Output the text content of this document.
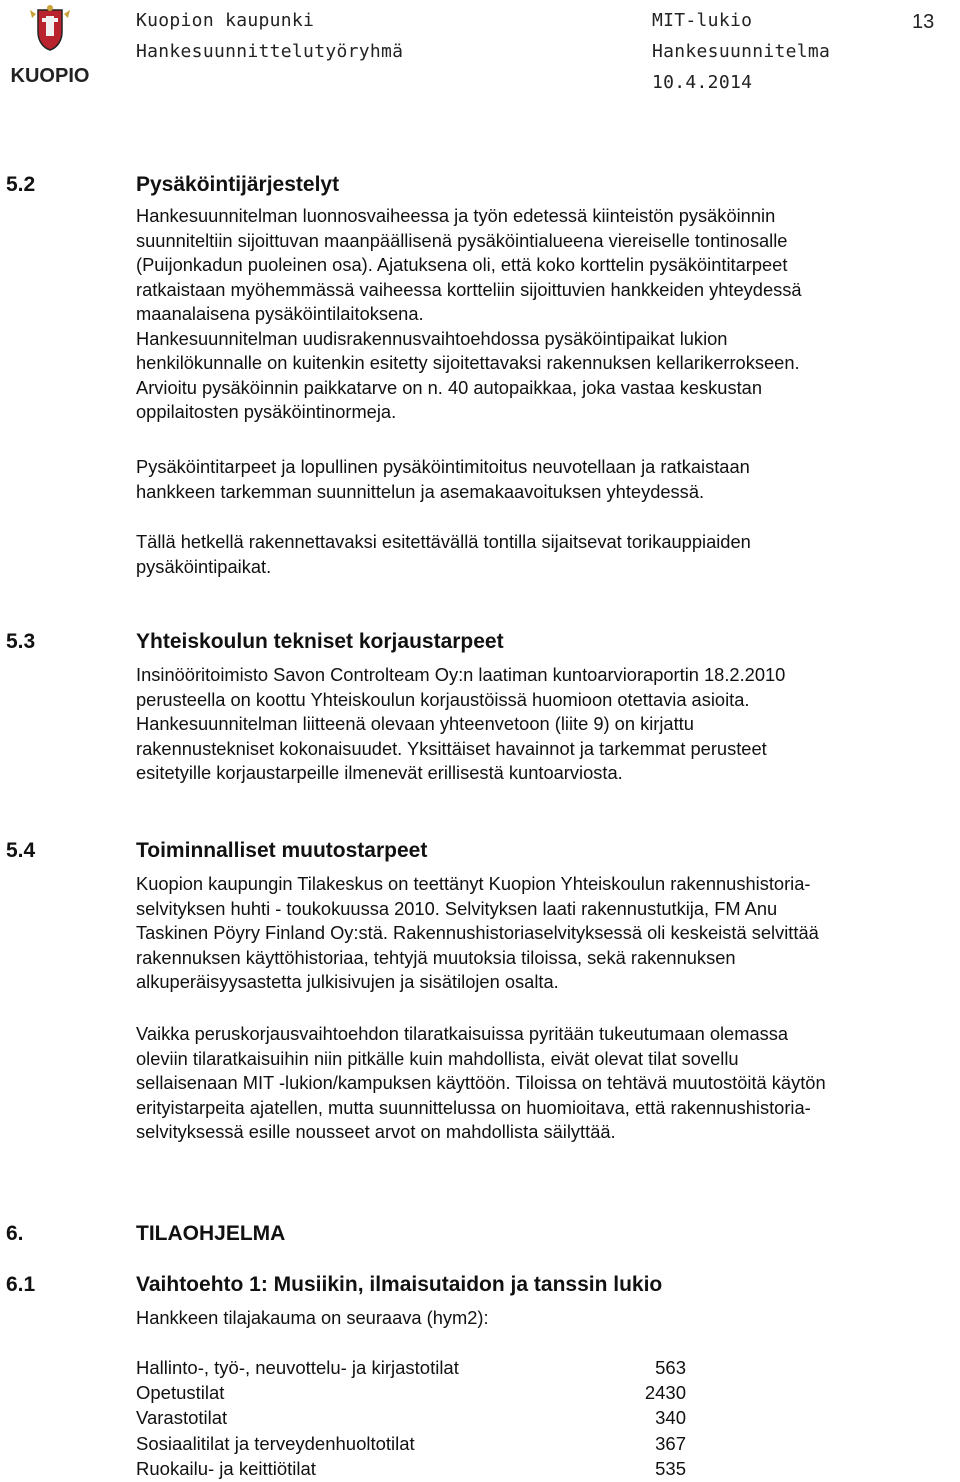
KUOPIO
Kuopion kaupunki
Hankesuunnittelutyöryhmä
MIT-lukio
Hankesuunnitelma
10.4.2014
13
5.2	Pysäköintijärjestelyt
Hankesuunnitelman luonnosvaiheessa ja työn edetessä kiinteistön pysäköinnin
suunniteltiin sijoittuvan maanpäällisenä pysäköintialueena viereiselle tontinosalle
(Puijonkadun puoleinen osa). Ajatuksena oli, että koko korttelin pysäköintitarpeet
ratkaistaan myöhemmässä vaiheessa kortteliin sijoittuvien hankkeiden yhteydessä
maanalaisena pysäköintilaitoksena.
Hankesuunnitelman uudisrakennusvaihtoehdossa pysäköintipaikat lukion
henkilökunnalle on kuitenkin esitetty sijoitettavaksi rakennuksen kellarikerrokseen.
Arvioitu pysäköinnin paikkatarve on n. 40 autopaikkaa, joka vastaa keskustan
oppilaitosten pysäköintinormeja.
Pysäköintitarpeet ja lopullinen pysäköintimitoitus neuvotellaan ja ratkaistaan
hankkeen tarkemman suunnittelun ja asemakaavoituksen yhteydessä.
Tällä hetkellä rakennettavaksi esitettävällä tontilla sijaitsevat torikauppiaiden
pysäköintipaikat.
5.3	Yhteiskoulun tekniset korjaustarpeet
Insinööritoimisto Savon Controlteam Oy:n laatiman kuntoarvioraportin 18.2.2010
perusteella on koottu Yhteiskoulun korjaustöissä huomioon otettavia asioita.
Hankesuunnitelman liitteenä olevaan yhteenvetoon (liite 9) on kirjattu
rakennustekniset kokonaisuudet. Yksittäiset havainnot ja tarkemmat perusteet
esitetyille korjaustarpeille ilmenevät erillisestä kuntoarviosta.
5.4	Toiminnalliset muutostarpeet
Kuopion kaupungin Tilakeskus on teettänyt Kuopion Yhteiskoulun rakennushistoria-
selvityksen huhti - toukokuussa 2010. Selvityksen laati rakennustutkija, FM Anu
Taskinen Pöyry Finland Oy:stä. Rakennushistoriaselvityksessä oli keskeistä selvittää
rakennuksen käyttöhistoriaa, tehtyjä muutoksia tiloissa, sekä rakennuksen
alkuperäisyysastetta julkisivujen ja sisätilojen osalta.
Vaikka peruskorjausvaihtoehdon tilaratkaisuissa pyritään tukeutumaan olemassa
oleviin tilaratkaisuihin niin pitkälle kuin mahdollista, eivät olevat tilat sovellu
sellaisenaan MIT -lukion/kampuksen käyttöön. Tiloissa on tehtävä muutostöitä käytön
erityistarpeita ajatellen, mutta suunnittelussa on huomioitava, että rakennushistoria-
selvityksessä esille nousseet arvot on mahdollista säilyttää.
6.	TILAOHJELMA
6.1	Vaihtoehto 1: Musiikin, ilmaisutaidon ja tanssin lukio
Hankkeen tilajakauma on seuraava (hym2):
Hallinto-, työ-, neuvottelu- ja kirjastotilat	563
Opetustilat	2430
Varastotilat	340
Sosiaalitilat ja terveydenhuoltotilat	367
Ruokailu- ja keittiötilat	535
